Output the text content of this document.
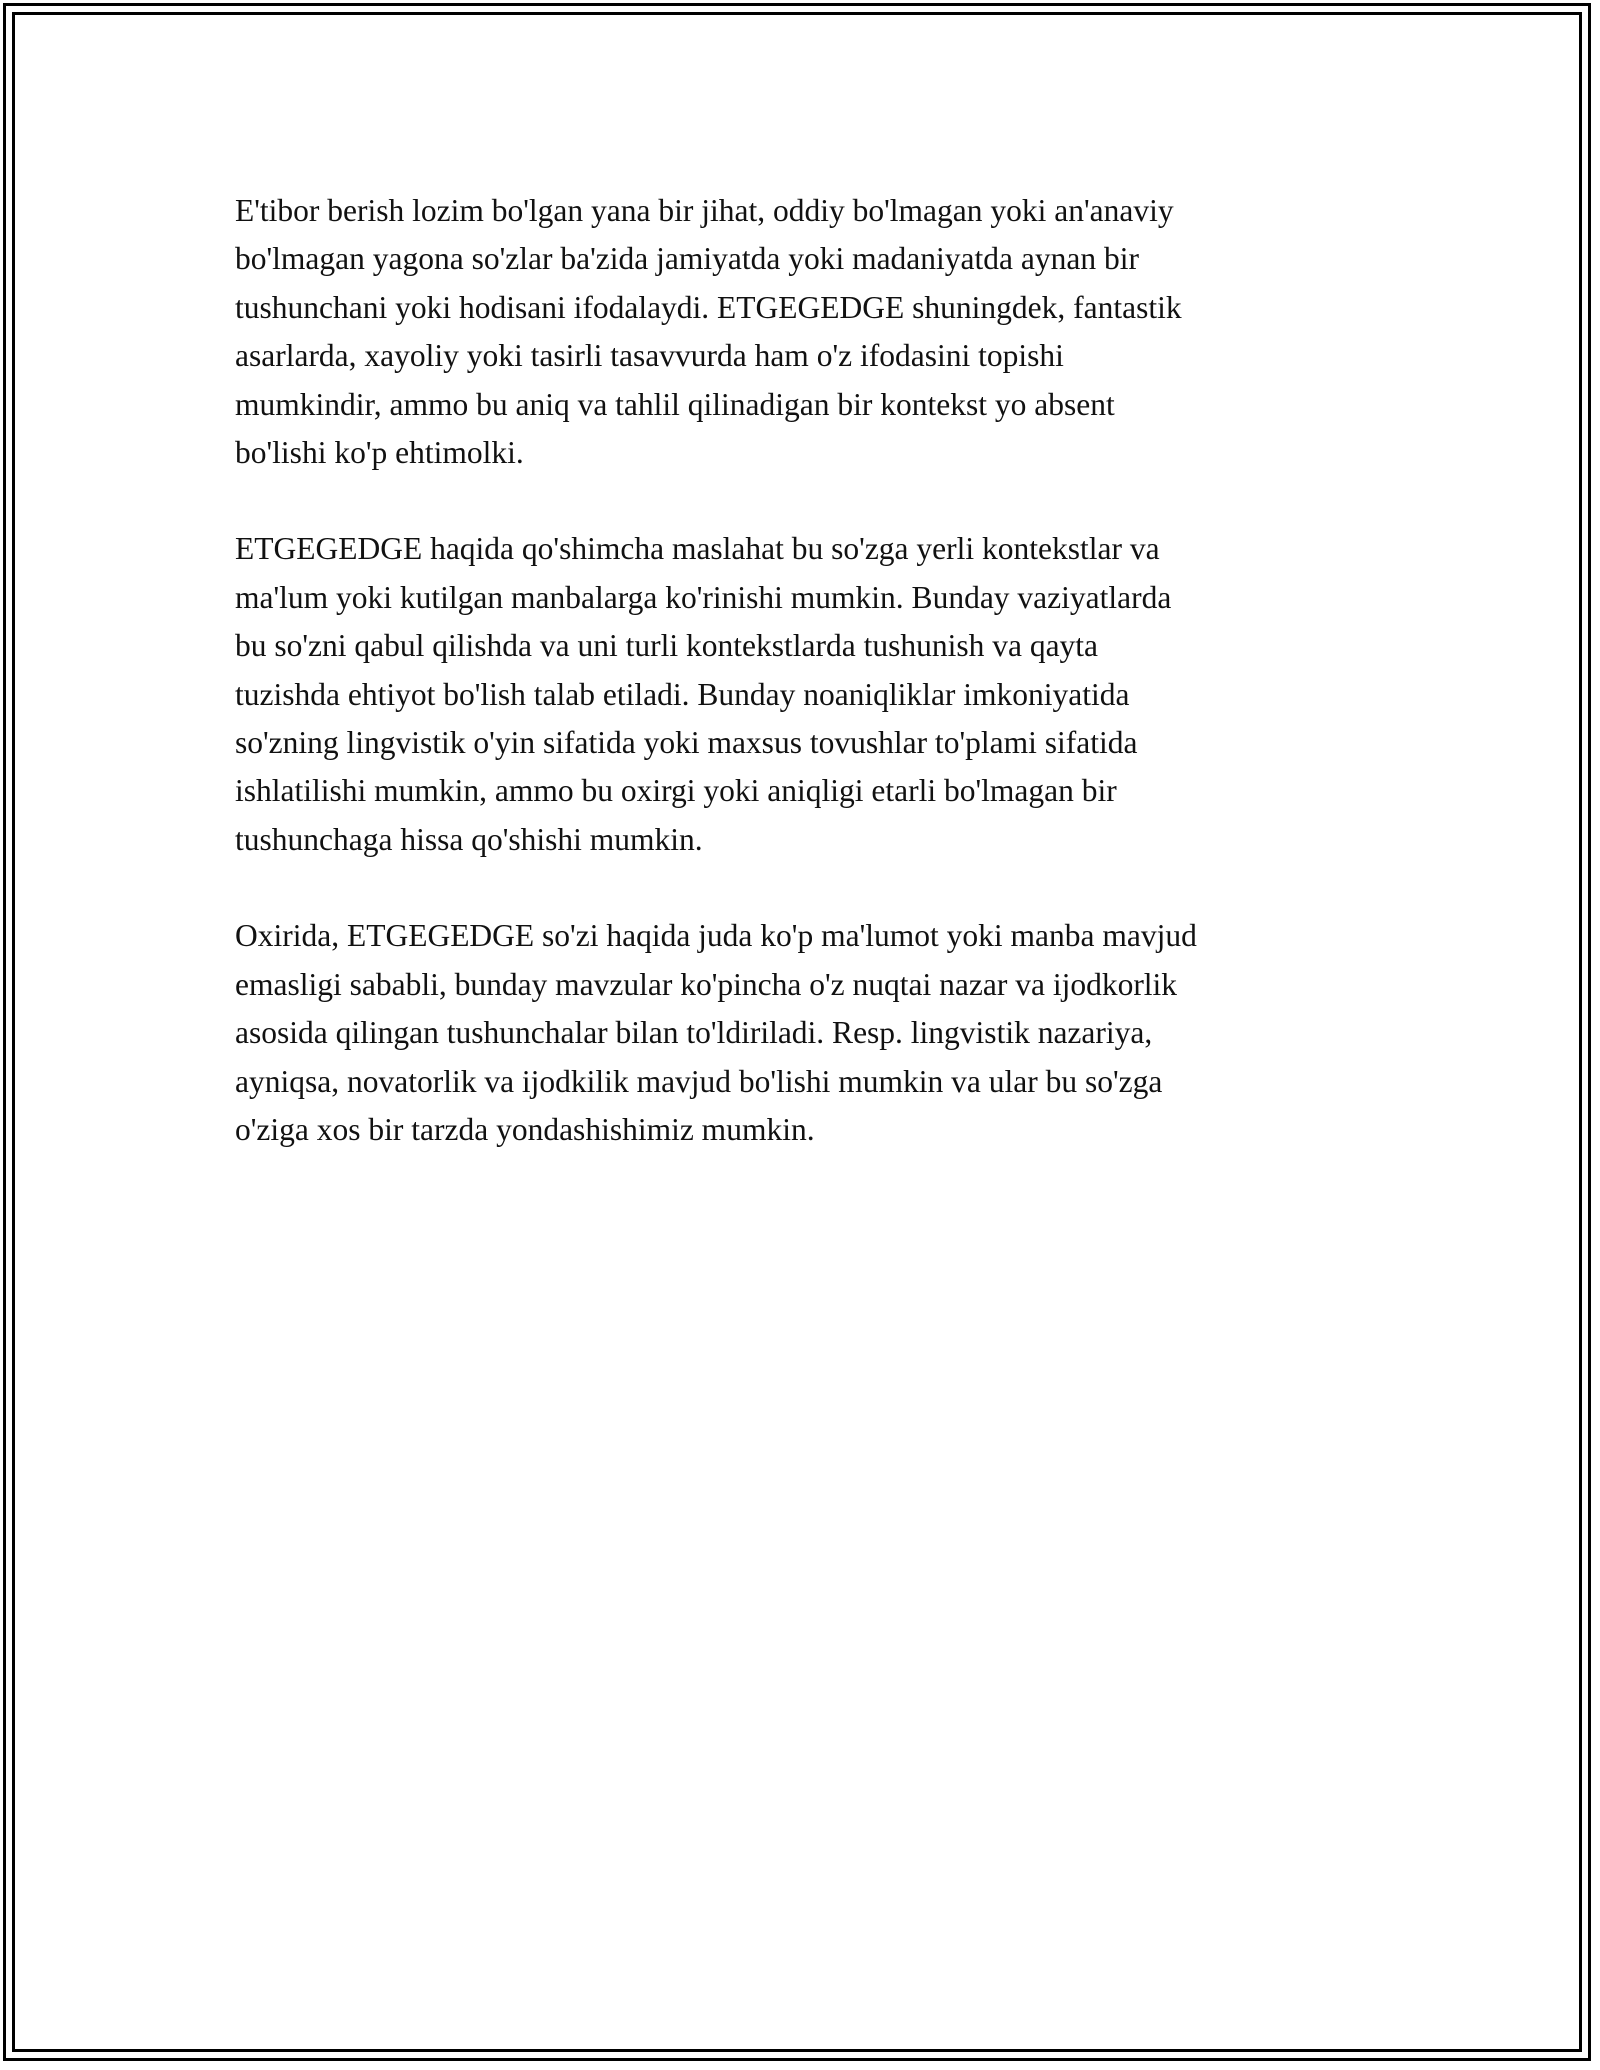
E'tibor berish lozim bo'lgan yana bir jihat, oddiy bo'lmagan yoki an'anaviy
bo'lmagan yagona so'zlar ba'zida jamiyatda yoki madaniyatda aynan bir
tushunchani yoki hodisani ifodalaydi. ETGEGEDGE shuningdek, fantastik
asarlarda, xayoliy yoki tasirli tasavvurda ham o'z ifodasini topishi
mumkindir, ammo bu aniq va tahlil qilinadigan bir kontekst yo absent
bo'lishi ko'p ehtimolki.

ETGEGEDGE haqida qo'shimcha maslahat bu so'zga yerli kontekstlar va
ma'lum yoki kutilgan manbalarga ko'rinishi mumkin. Bunday vaziyatlarda
bu so'zni qabul qilishda va uni turli kontekstlarda tushunish va qayta
tuzishda ehtiyot bo'lish talab etiladi. Bunday noaniqliklar imkoniyatida
so'zning lingvistik o'yin sifatida yoki maxsus tovushlar to'plami sifatida
ishlatilishi mumkin, ammo bu oxirgi yoki aniqligi etarli bo'lmagan bir
tushunchaga hissa qo'shishi mumkin.

Oxirida, ETGEGEDGE so'zi haqida juda ko'p ma'lumot yoki manba mavjud
emasligi sababli, bunday mavzular ko'pincha o'z nuqtai nazar va ijodkorlik
asosida qilingan tushunchalar bilan to'ldiriladi. Resp. lingvistik nazariya,
ayniqsa, novatorlik va ijodkilik mavjud bo'lishi mumkin va ular bu so'zga
o'ziga xos bir tarzda yondashishimiz mumkin.
